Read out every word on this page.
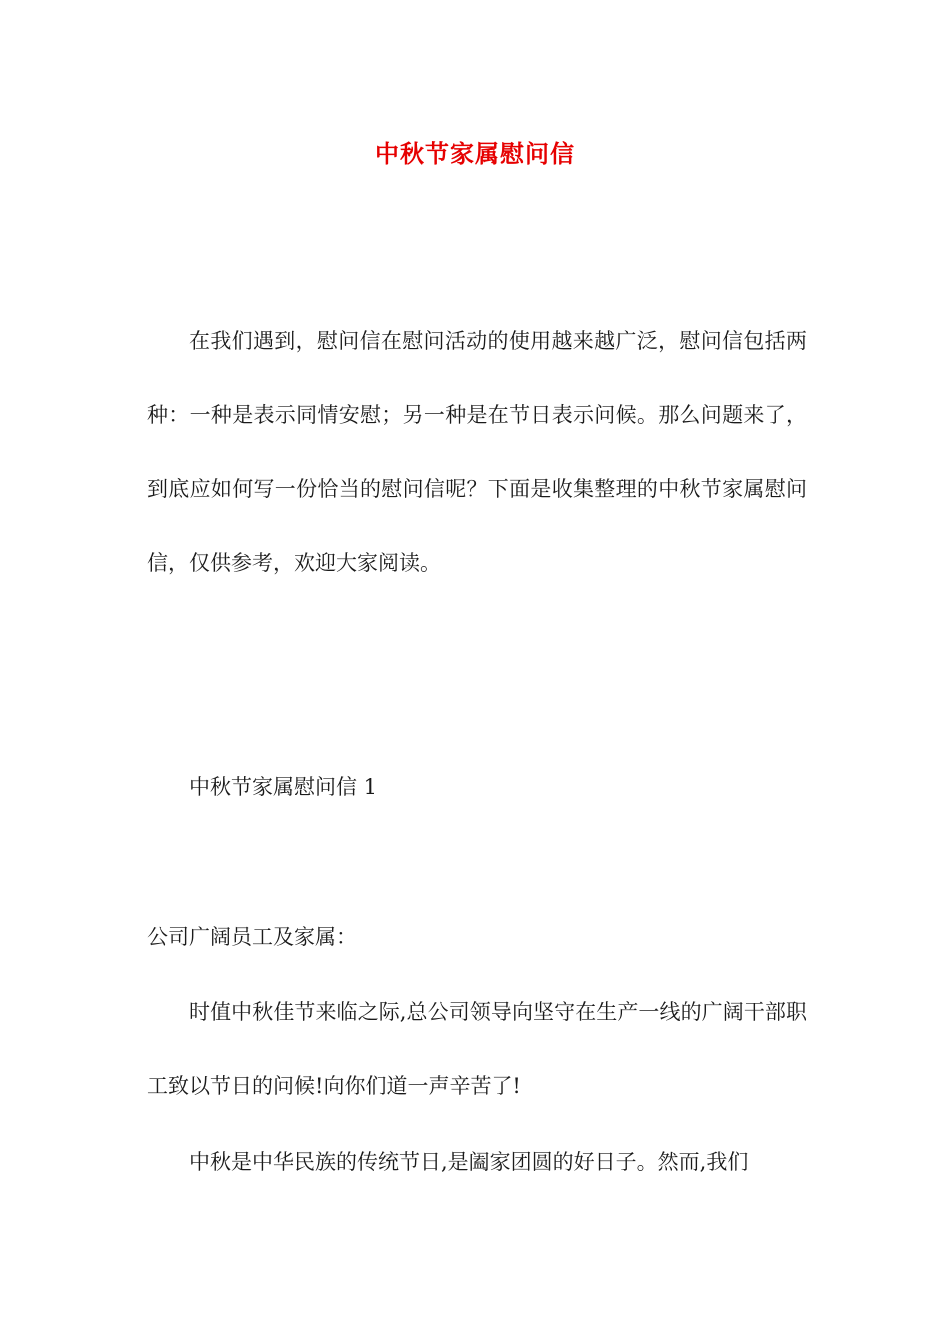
中秋节家属慰问信

在我们遇到，慰问信在慰问活动的使用越来越广泛，慰问信包括两种：一种是表示同情安慰；另一种是在节日表示问候。那么问题来了，到底应如何写一份恰当的慰问信呢？下面是收集整理的中秋节家属慰问信，仅供参考，欢迎大家阅读。

中秋节家属慰问信 1

公司广阔员工及家属：

时值中秋佳节来临之际,总公司领导向坚守在生产一线的广阔干部职工致以节日的问候!向你们道一声辛苦了!

中秋是中华民族的传统节日,是阖家团圆的好日子。然而,我们
